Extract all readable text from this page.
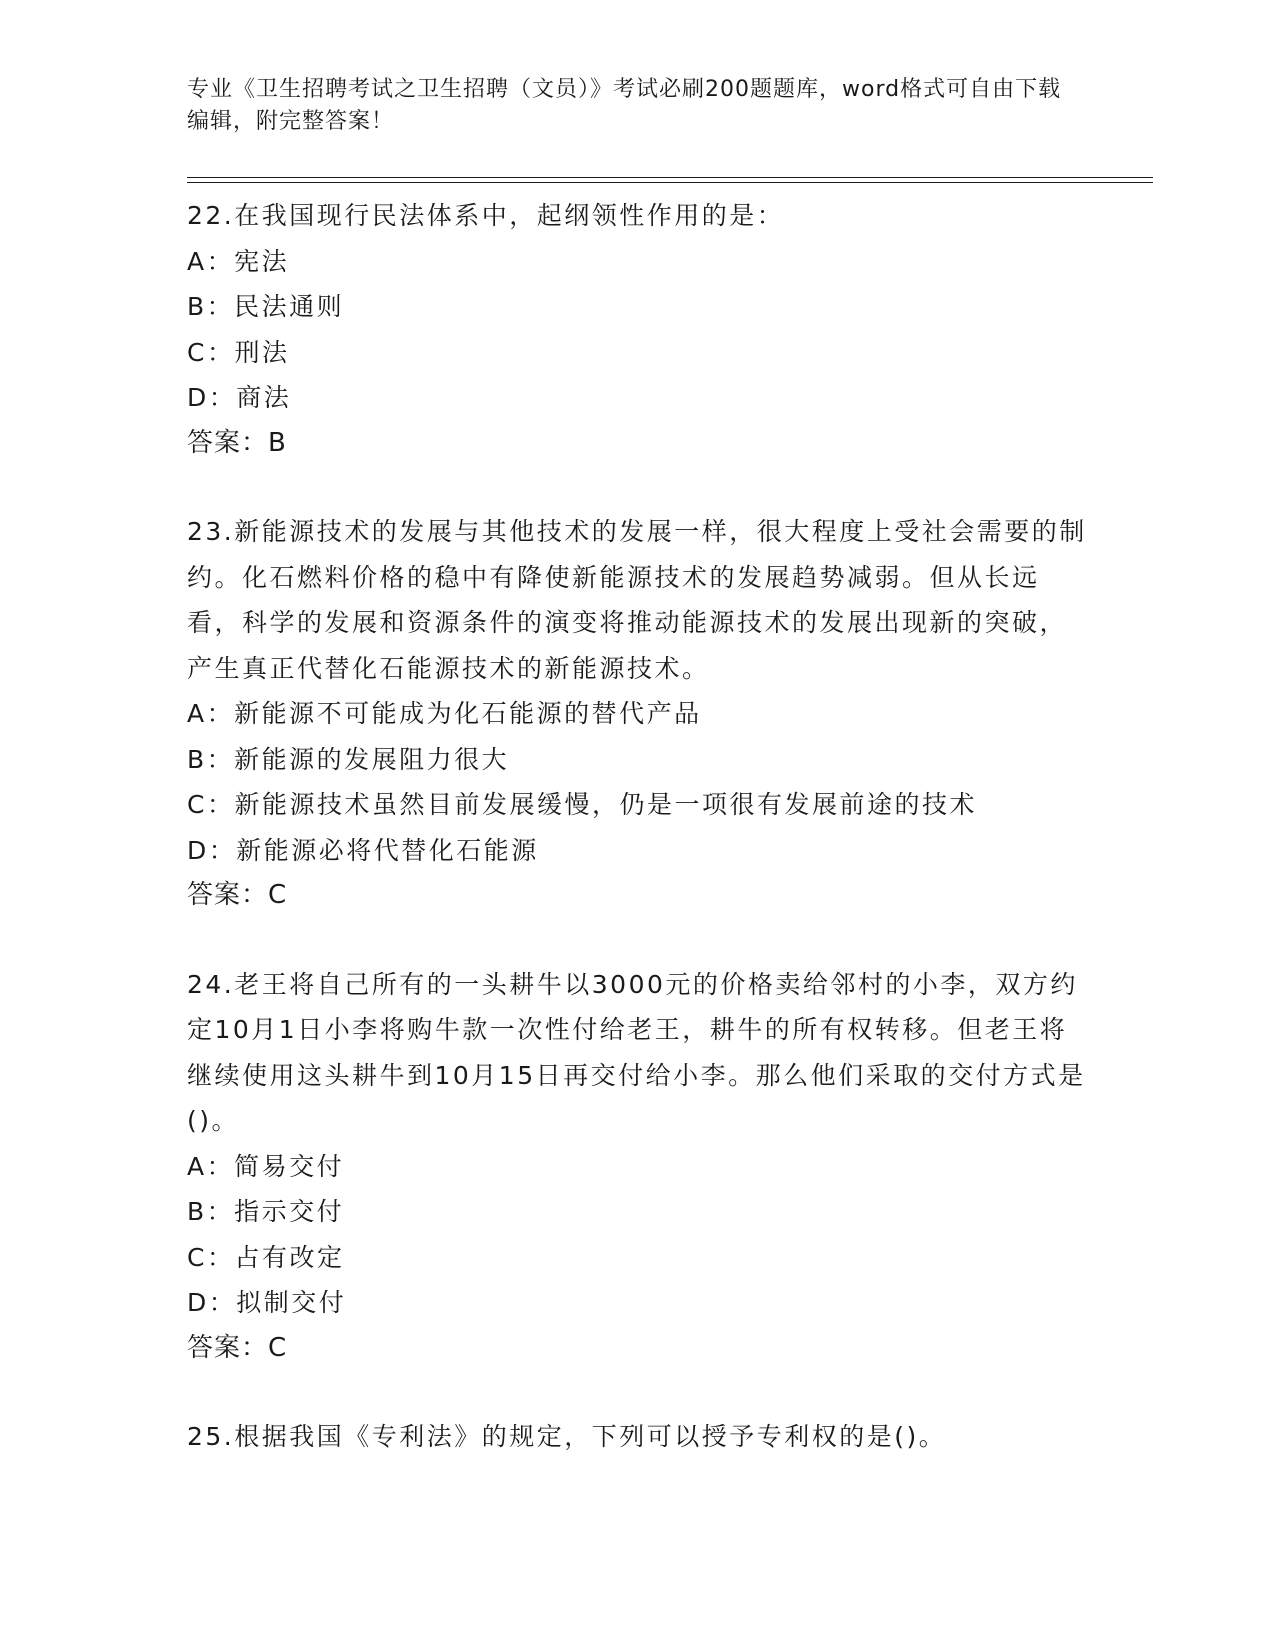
专业《卫生招聘考试之卫生招聘（文员）》考试必刷200题题库，word格式可自由下载编辑，附完整答案！

22.在我国现行民法体系中，起纲领性作用的是：

A：宪法

B：民法通则

C：刑法

D：商法

答案：B

23.新能源技术的发展与其他技术的发展一样，很大程度上受社会需要的制约。化石燃料价格的稳中有降使新能源技术的发展趋势减弱。但从长远看，科学的发展和资源条件的演变将推动能源技术的发展出现新的突破，产生真正代替化石能源技术的新能源技术。

A：新能源不可能成为化石能源的替代产品

B：新能源的发展阻力很大

C：新能源技术虽然目前发展缓慢，仍是一项很有发展前途的技术

D：新能源必将代替化石能源

答案：C

24.老王将自己所有的一头耕牛以3000元的价格卖给邻村的小李，双方约定10月1日小李将购牛款一次性付给老王，耕牛的所有权转移。但老王将继续使用这头耕牛到10月15日再交付给小李。那么他们采取的交付方式是()。

A：简易交付

B：指示交付

C：占有改定

D：拟制交付

答案：C

25.根据我国《专利法》的规定，下列可以授予专利权的是()。
